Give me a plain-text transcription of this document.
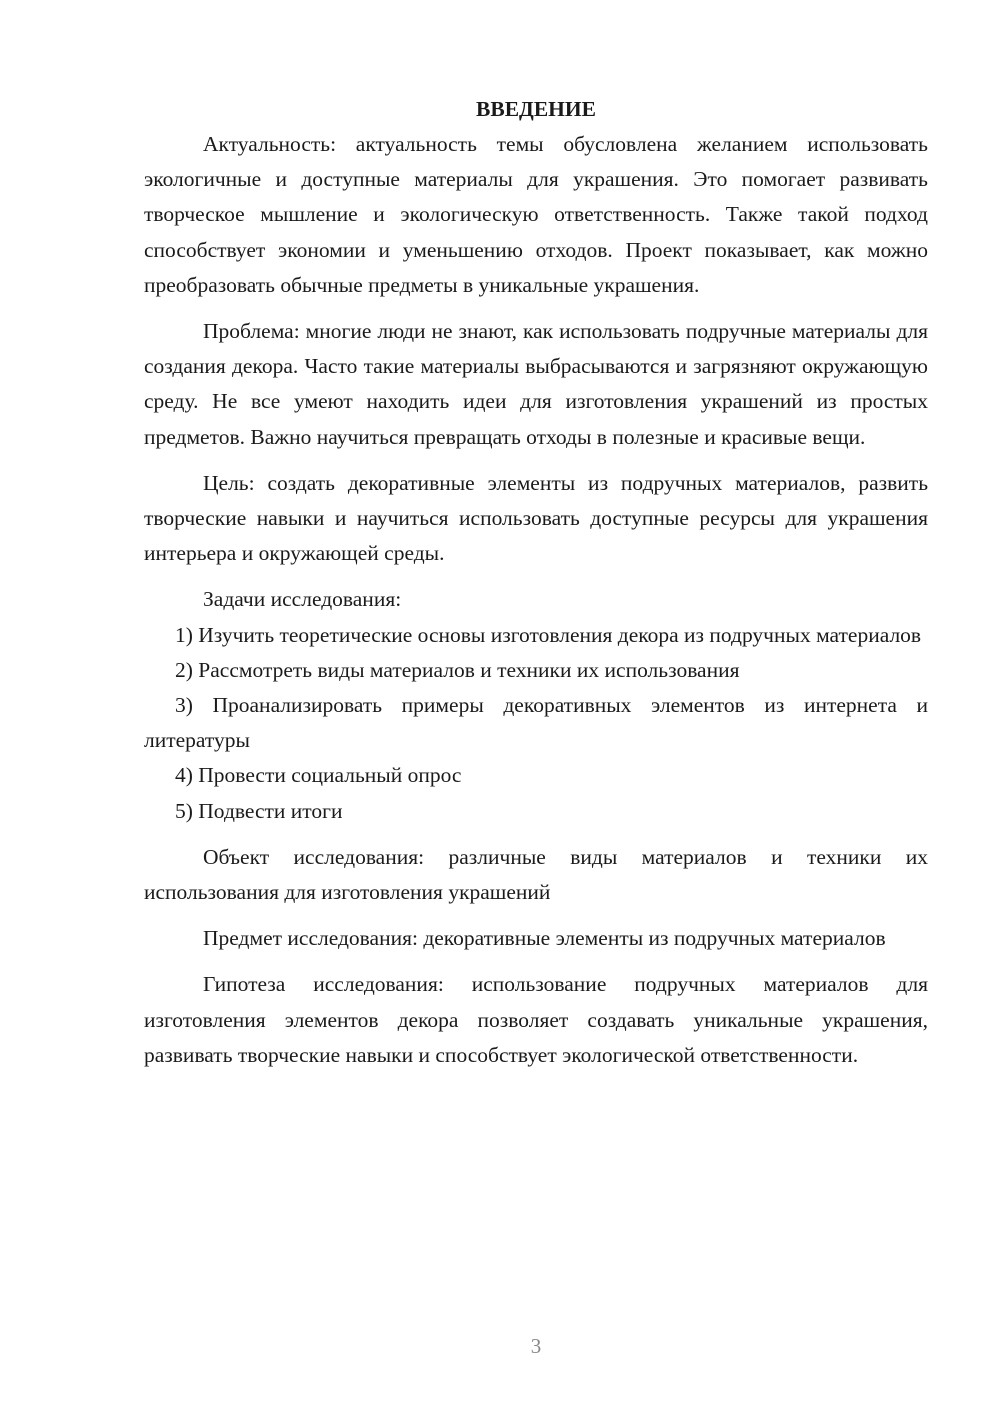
ВВЕДЕНИЕ

Актуальность: актуальность темы обусловлена желанием использовать экологичные и доступные материалы для украшения. Это помогает развивать творческое мышление и экологическую ответственность. Также такой подход способствует экономии и уменьшению отходов. Проект показывает, как можно преобразовать обычные предметы в уникальные украшения.

Проблема: многие люди не знают, как использовать подручные материалы для создания декора. Часто такие материалы выбрасываются и загрязняют окружающую среду. Не все умеют находить идеи для изготовления украшений из простых предметов. Важно научиться превращать отходы в полезные и красивые вещи.

Цель: создать декоративные элементы из подручных материалов, развить творческие навыки и научиться использовать доступные ресурсы для украшения интерьера и окружающей среды.

Задачи исследования:

1) Изучить теоретические основы изготовления декора из подручных материалов

2) Рассмотреть виды материалов и техники их использования

3) Проанализировать примеры декоративных элементов из интернета и литературы

4) Провести социальный опрос

5) Подвести итоги

Объект исследования: различные виды материалов и техники их использования для изготовления украшений

Предмет исследования: декоративные элементы из подручных материалов

Гипотеза исследования: использование подручных материалов для изготовления элементов декора позволяет создавать уникальные украшения, развивать творческие навыки и способствует экологической ответственности.

3
